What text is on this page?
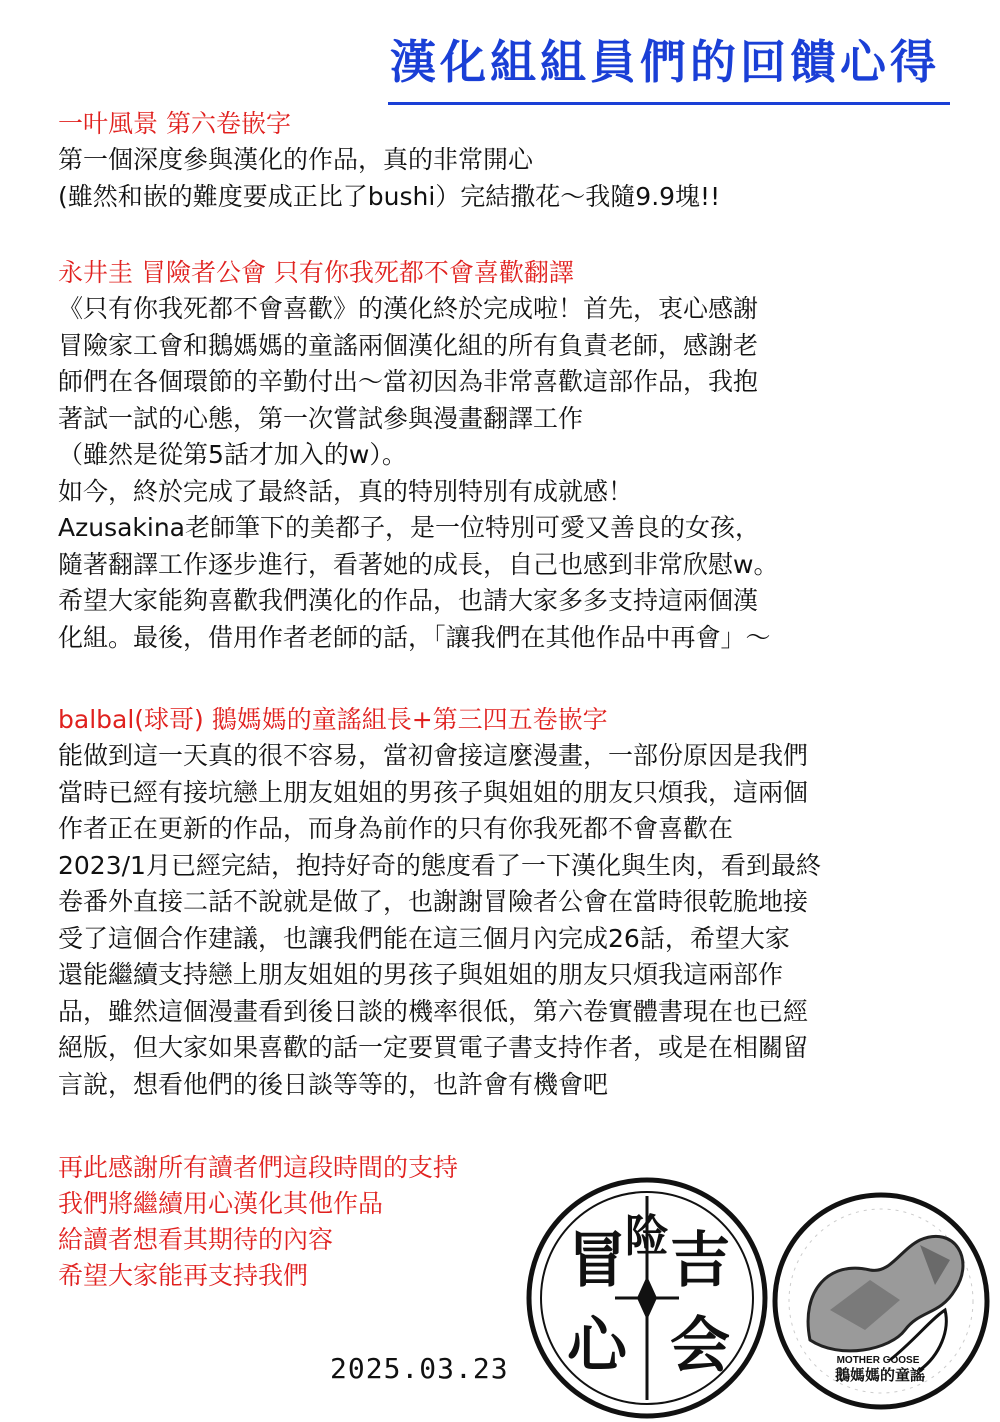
漢化組組員們的回饋心得
一叶風景 第六卷嵌字
第一個深度參與漢化的作品，真的非常開心
(雖然和嵌的難度要成正比了bushi）完結撒花～我隨9.9塊!!
永井圭 冒險者公會 只有你我死都不會喜歡翻譯
《只有你我死都不會喜歡》的漢化終於完成啦！首先，衷心感謝
冒險家工會和鵝媽媽的童謠兩個漢化組的所有負責老師，感謝老
師們在各個環節的辛勤付出～當初因為非常喜歡這部作品，我抱
著試一試的心態，第一次嘗試參與漫畫翻譯工作
（雖然是從第5話才加入的w）。
如今，終於完成了最終話，真的特別特別有成就感！
Azusakina老師筆下的美都子，是一位特別可愛又善良的女孩，
隨著翻譯工作逐步進行，看著她的成長，自己也感到非常欣慰w。
希望大家能夠喜歡我們漢化的作品，也請大家多多支持這兩個漢
化組。最後，借用作者老師的話，「讓我們在其他作品中再會」～
balbal(球哥) 鵝媽媽的童謠組長+第三四五卷嵌字
能做到這一天真的很不容易，當初會接這麼漫畫，一部份原因是我們
當時已經有接坑戀上朋友姐姐的男孩子與姐姐的朋友只煩我，這兩個
作者正在更新的作品，而身為前作的只有你我死都不會喜歡在
2023/1月已經完結，抱持好奇的態度看了一下漢化與生肉，看到最終
卷番外直接二話不說就是做了，也謝謝冒險者公會在當時很乾脆地接
受了這個合作建議，也讓我們能在這三個月內完成26話，希望大家
還能繼續支持戀上朋友姐姐的男孩子與姐姐的朋友只煩我這兩部作
品，雖然這個漫畫看到後日談的機率很低，第六卷實體書現在也已經
絕版，但大家如果喜歡的話一定要買電子書支持作者，或是在相關留
言說，想看他們的後日談等等的，也許會有機會吧
再此感謝所有讀者們這段時間的支持
我們將繼續用心漢化其他作品
給讀者想看其期待的內容
希望大家能再支持我們
2025.03.23
冒
险 吉
心 会	MOTHER GOOSE
鵝媽媽的童謠
